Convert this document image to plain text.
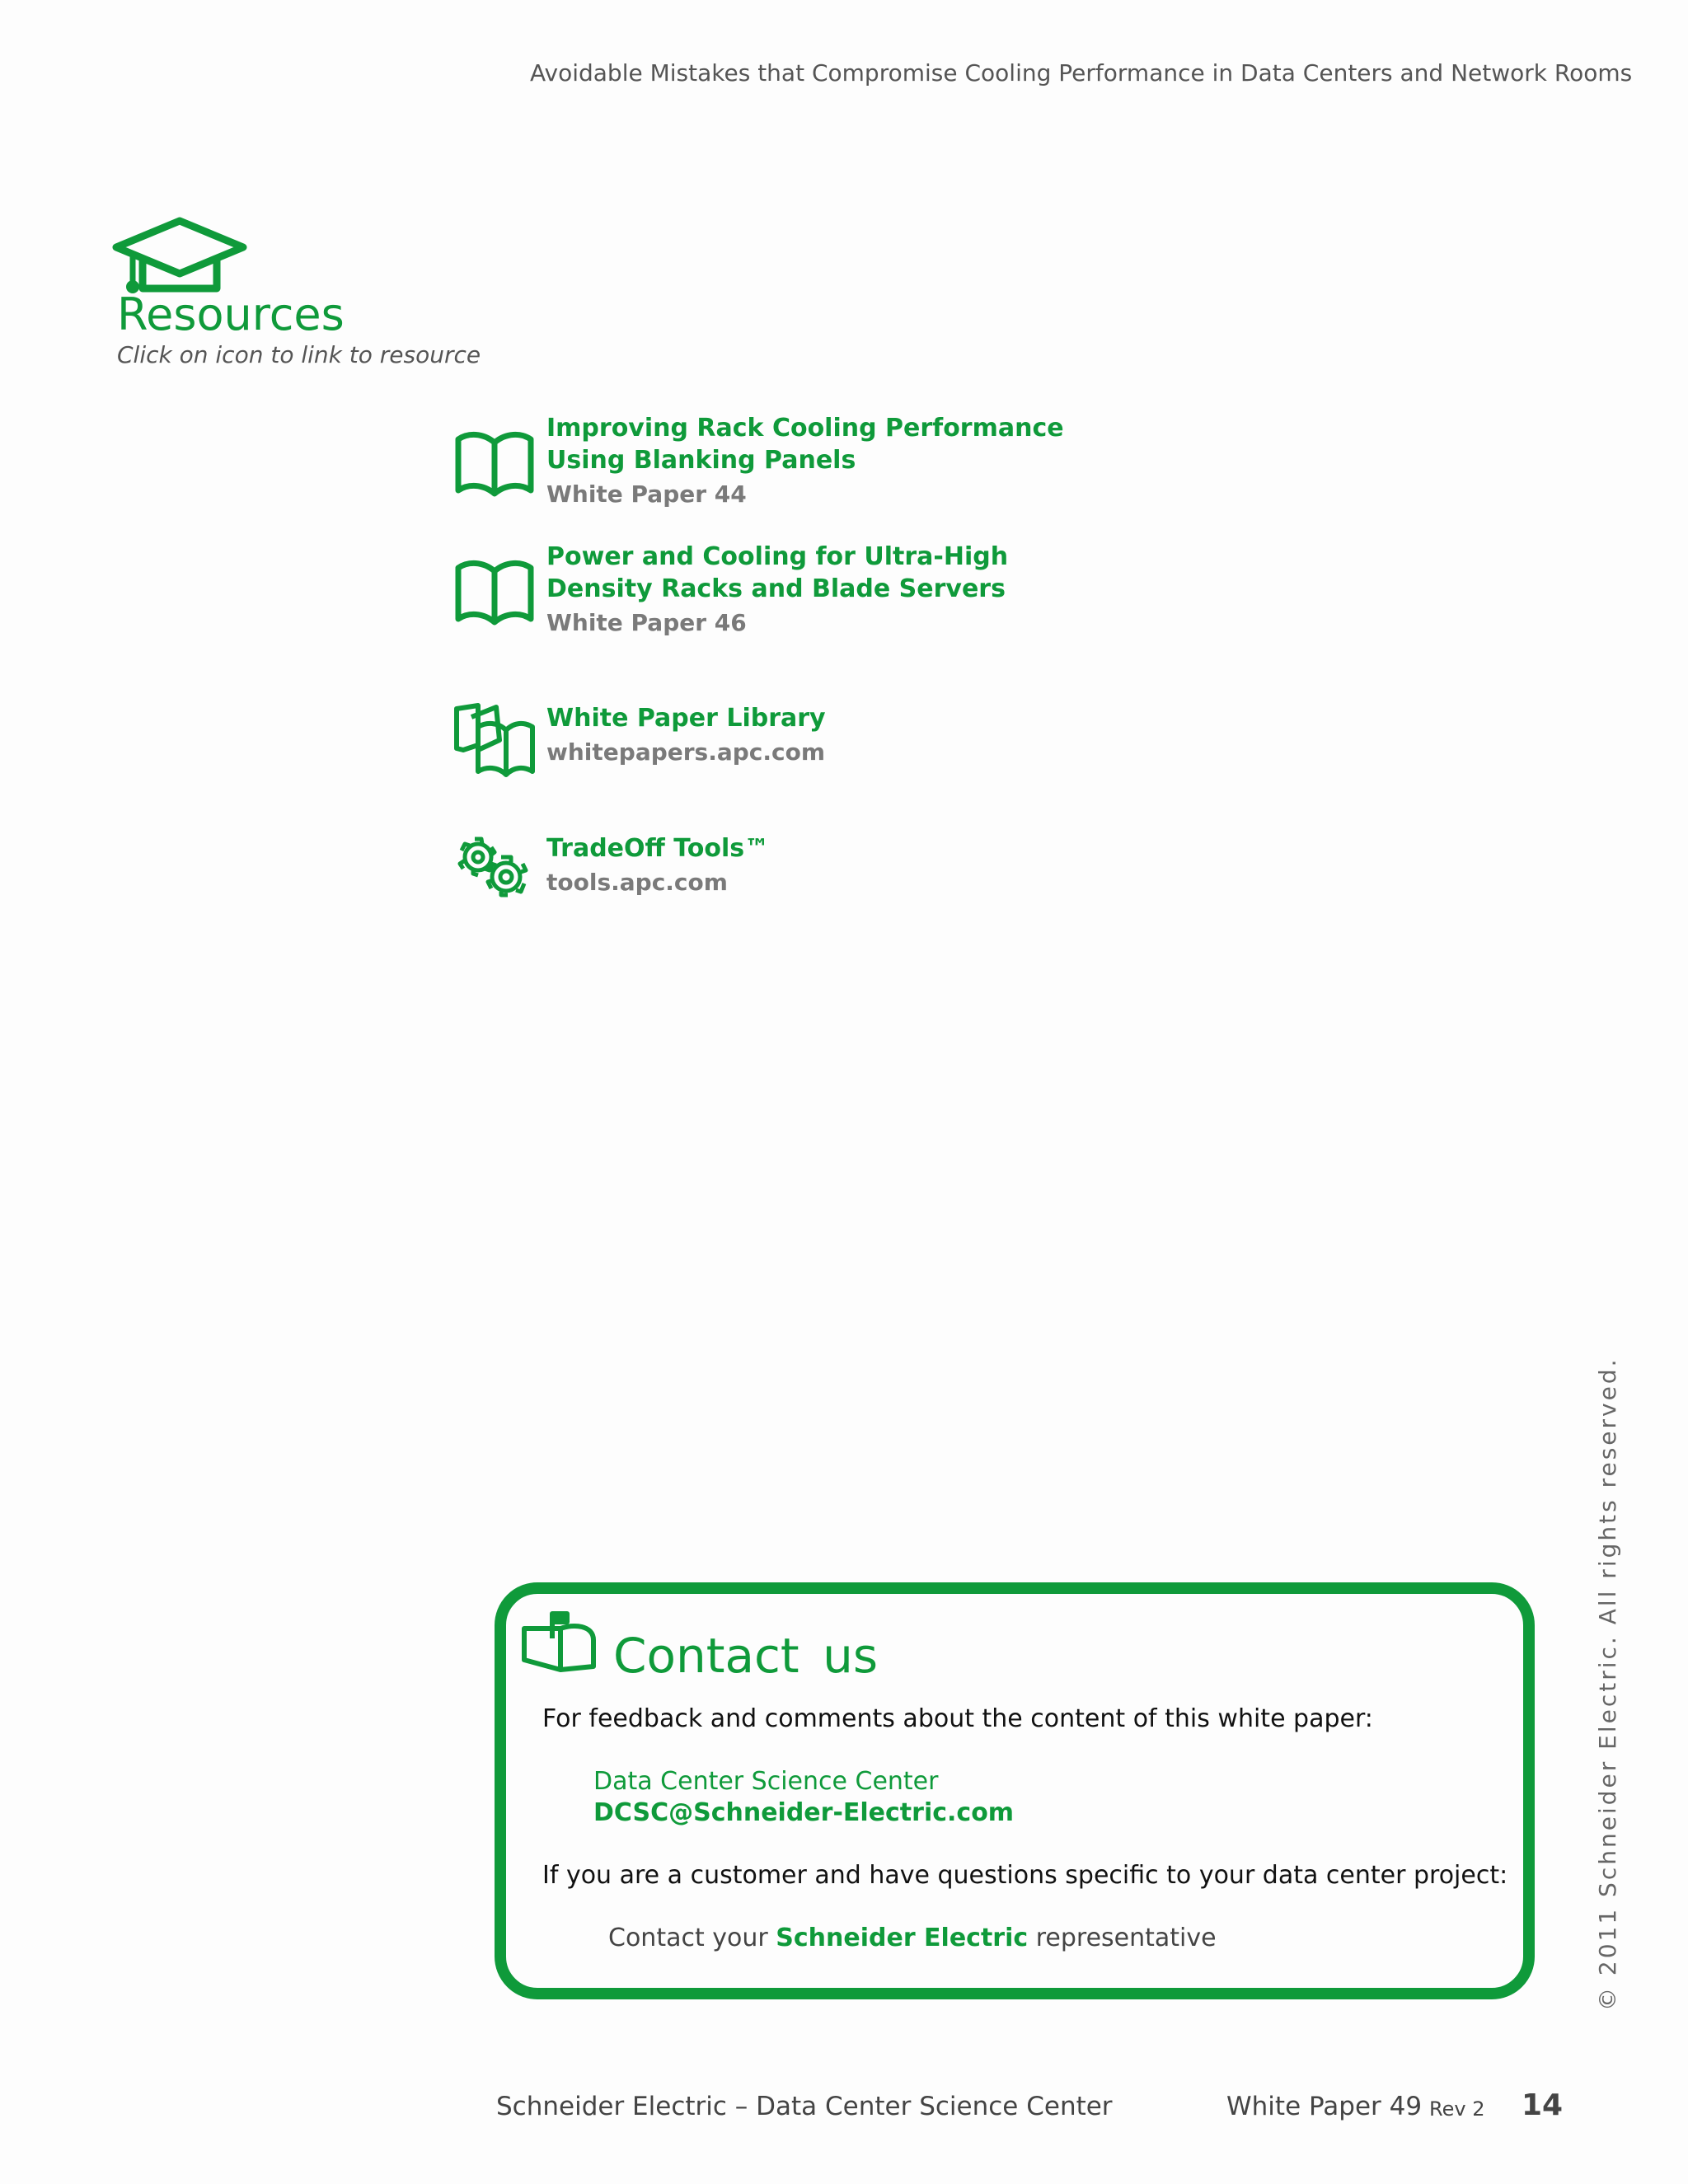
Avoidable Mistakes that Compromise Cooling Performance in Data Centers and Network Rooms
Resources
Click on icon to link to resource
Improving Rack Cooling Performance
Using Blanking Panels
White Paper 44
Power and Cooling for Ultra-High
Density Racks and Blade Servers
White Paper 46
White Paper Library
whitepapers.apc.com
TradeOff Tools™
tools.apc.com
© 2011 Schneider Electric. All rights reserved.
Contact us
For feedback and comments about the content of this white paper:
Data Center Science Center
DCSC@Schneider-Electric.com
If you are a customer and have questions specific to your data center project:
Contact your Schneider Electric representative
Schneider Electric – Data Center Science Center	White Paper 49 Rev 2 14
